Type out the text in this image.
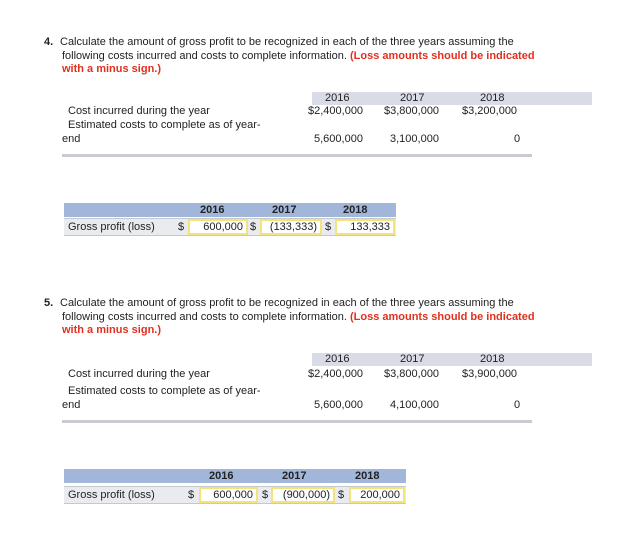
4. Calculate the amount of gross profit to be recognized in each of the three years assuming the
following costs incurred and costs to complete information. (Loss amounts should be indicated
with a minus sign.)
2016	2017	2018
Cost incurred during the year	$2,400,000 $3,800,000 $3,200,000
Estimated costs to complete as of year-
end	5,600,000 3,100,000	0
2016	2017	2018
Gross profit (loss) $	600,000 $	(133,333) $	133,333
5. Calculate the amount of gross profit to be recognized in each of the three years assuming the
following costs incurred and costs to complete information. (Loss amounts should be indicated
with a minus sign.)
2016	2017	2018
Cost incurred during the year	$2,400,000 $3,800,000 $3,900,000
Estimated costs to complete as of year-
end	5,600,000 4,100,000	0
2016	2017	2018
Gross profit (loss)	$	600,000 $	(900,000) $	200,000
